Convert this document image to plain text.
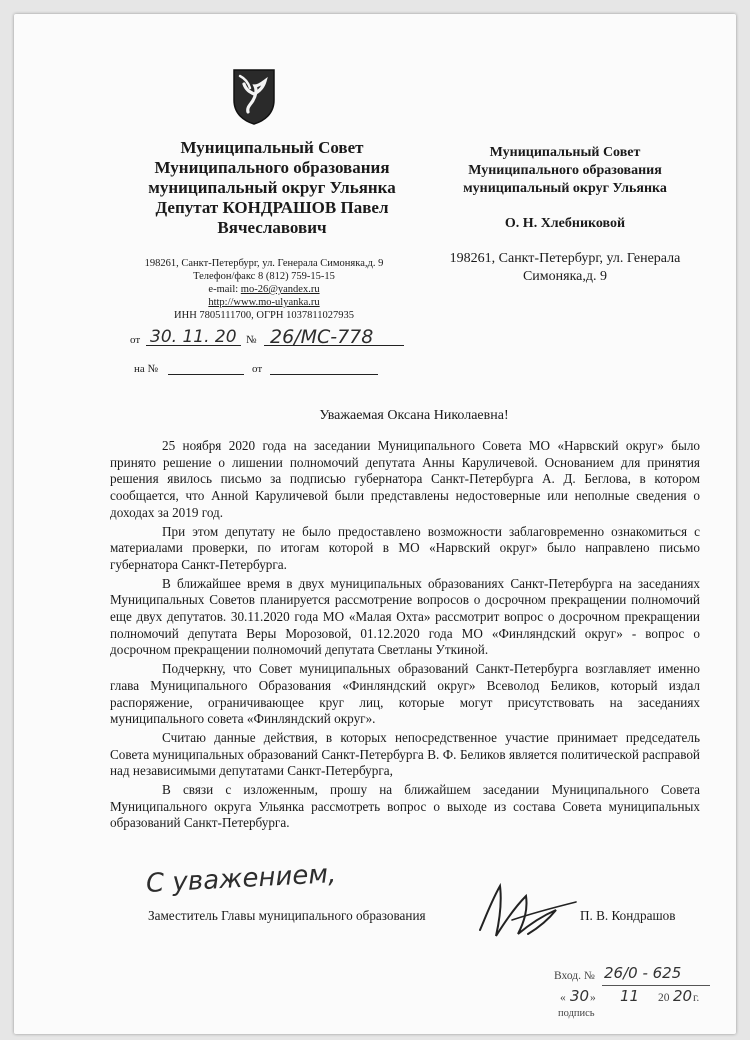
Муниципальный Совет
Муниципального образования
муниципальный округ Ульянка
Депутат КОНДРАШОВ Павел
Вячеславович
198261, Санкт-Петербург, ул. Генерала Симоняка,д. 9
Телефон/факс 8 (812) 759-15-15
e-mail: mo-26@yandex.ru
http://www.mo-ulyanka.ru
ИНН 7805111700, ОГРН 1037811027935
от 30. 11. 20 № 26/МС-778
на №	от
Муниципальный Совет
Муниципального образования
муниципальный округ Ульянка
О. Н. Хлебниковой
198261, Санкт-Петербург, ул. Генерала
Симоняка,д. 9
Уважаемая Оксана Николаевна!

25 ноября 2020 года на заседании Муниципального Совета МО «Нарвский округ» было принято решение о лишении полномочий депутата Анны Каруличевой. Основанием для принятия решения явилось письмо за подписью губернатора Санкт-Петербурга А. Д. Беглова, в котором сообщается, что Анной Каруличевой были представлены недостоверные или неполные сведения о доходах за 2019 год.

При этом депутату не было предоставлено возможности заблаговременно ознакомиться с материалами проверки, по итогам которой в МО «Нарвский округ» было направлено письмо губернатора Санкт-Петербурга.

В ближайшее время в двух муниципальных образованиях Санкт-Петербурга на заседаниях Муниципальных Советов планируется рассмотрение вопросов о досрочном прекращении полномочий еще двух депутатов. 30.11.2020 года МО «Малая Охта» рассмотрит вопрос о досрочном прекращении полномочий депутата Веры Морозовой, 01.12.2020 года МО «Финляндский округ» - вопрос о досрочном прекращении полномочий депутата Светланы Уткиной.

Подчеркну, что Совет муниципальных образований Санкт-Петербурга возглавляет именно глава Муниципального Образования «Финляндский округ» Всеволод Беликов, который издал распоряжение, ограничивающее круг лиц, которые могут присутствовать на заседаниях муниципального совета «Финляндский округ».

Считаю данные действия, в которых непосредственное участие принимает председатель Совета муниципальных образований Санкт-Петербурга В. Ф. Беликов является политической расправой над независимыми депутатами Санкт-Петербурга,

В связи с изложенным, прошу на ближайшем заседании Муниципального Совета Муниципального округа Ульянка рассмотреть вопрос о выходе из состава Совета муниципальных образований Санкт-Петербурга.

С уважением,
Заместитель Главы муниципального образования	П. В. Кондрашов
Вход. № 26/0 - 625
« 30 » 11 20 20 г.
подпись
